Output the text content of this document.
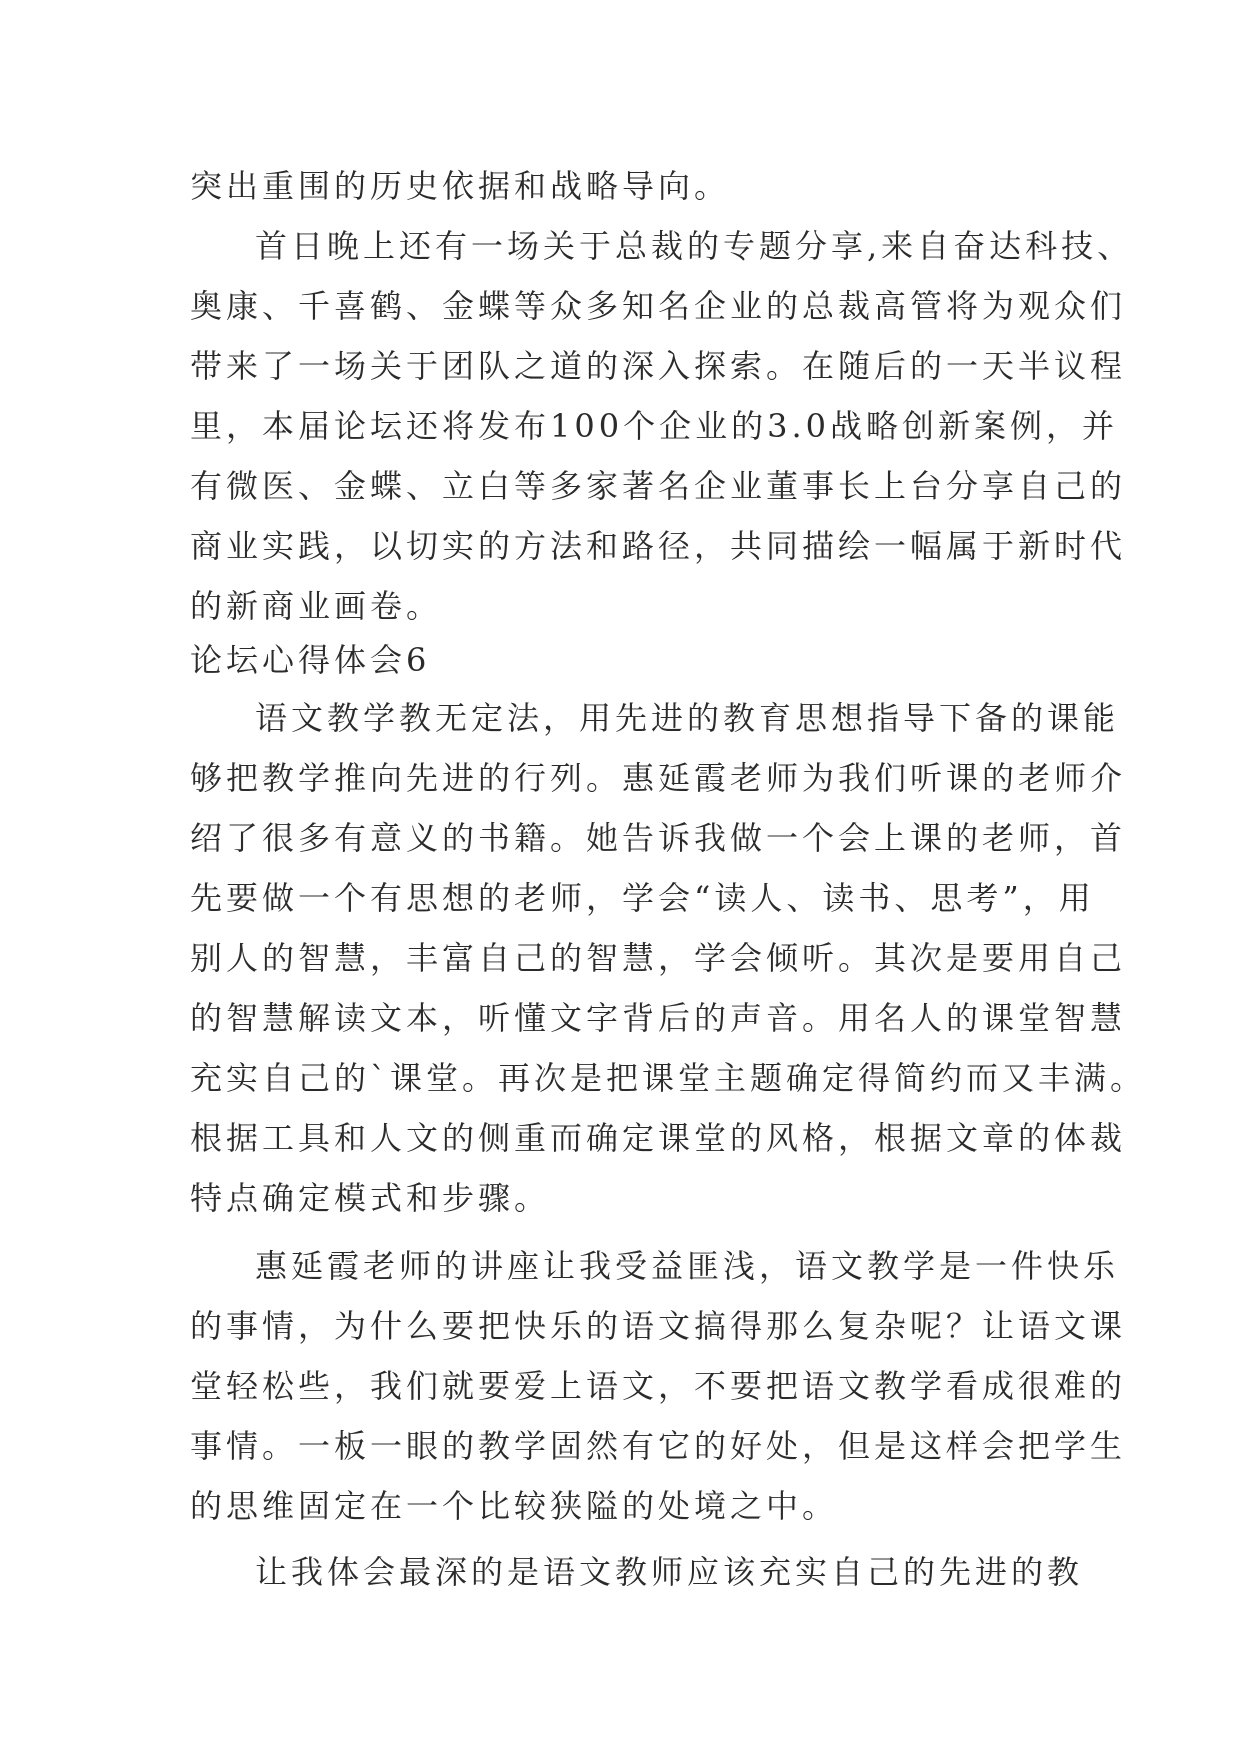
突出重围的历史依据和战略导向。
首日晚上还有一场关于总裁的专题分享,来自奋达科技、
奥康、千喜鹤、金蝶等众多知名企业的总裁高管将为观众们
带来了一场关于团队之道的深入探索。在随后的一天半议程
里，本届论坛还将发布100个企业的3.0战略创新案例，并
有微医、金蝶、立白等多家著名企业董事长上台分享自己的
商业实践，以切实的方法和路径，共同描绘一幅属于新时代
的新商业画卷。
论坛心得体会6
语文教学教无定法，用先进的教育思想指导下备的课能
够把教学推向先进的行列。惠延霞老师为我们听课的老师介
绍了很多有意义的书籍。她告诉我做一个会上课的老师，首
先要做一个有思想的老师，学会“读人、读书、思考”，用
别人的智慧，丰富自己的智慧，学会倾听。其次是要用自己
的智慧解读文本，听懂文字背后的声音。用名人的课堂智慧
充实自己的`课堂。再次是把课堂主题确定得简约而又丰满。
根据工具和人文的侧重而确定课堂的风格，根据文章的体裁
特点确定模式和步骤。
惠延霞老师的讲座让我受益匪浅，语文教学是一件快乐
的事情，为什么要把快乐的语文搞得那么复杂呢？让语文课
堂轻松些，我们就要爱上语文，不要把语文教学看成很难的
事情。一板一眼的教学固然有它的好处，但是这样会把学生
的思维固定在一个比较狭隘的处境之中。
让我体会最深的是语文教师应该充实自己的先进的教
